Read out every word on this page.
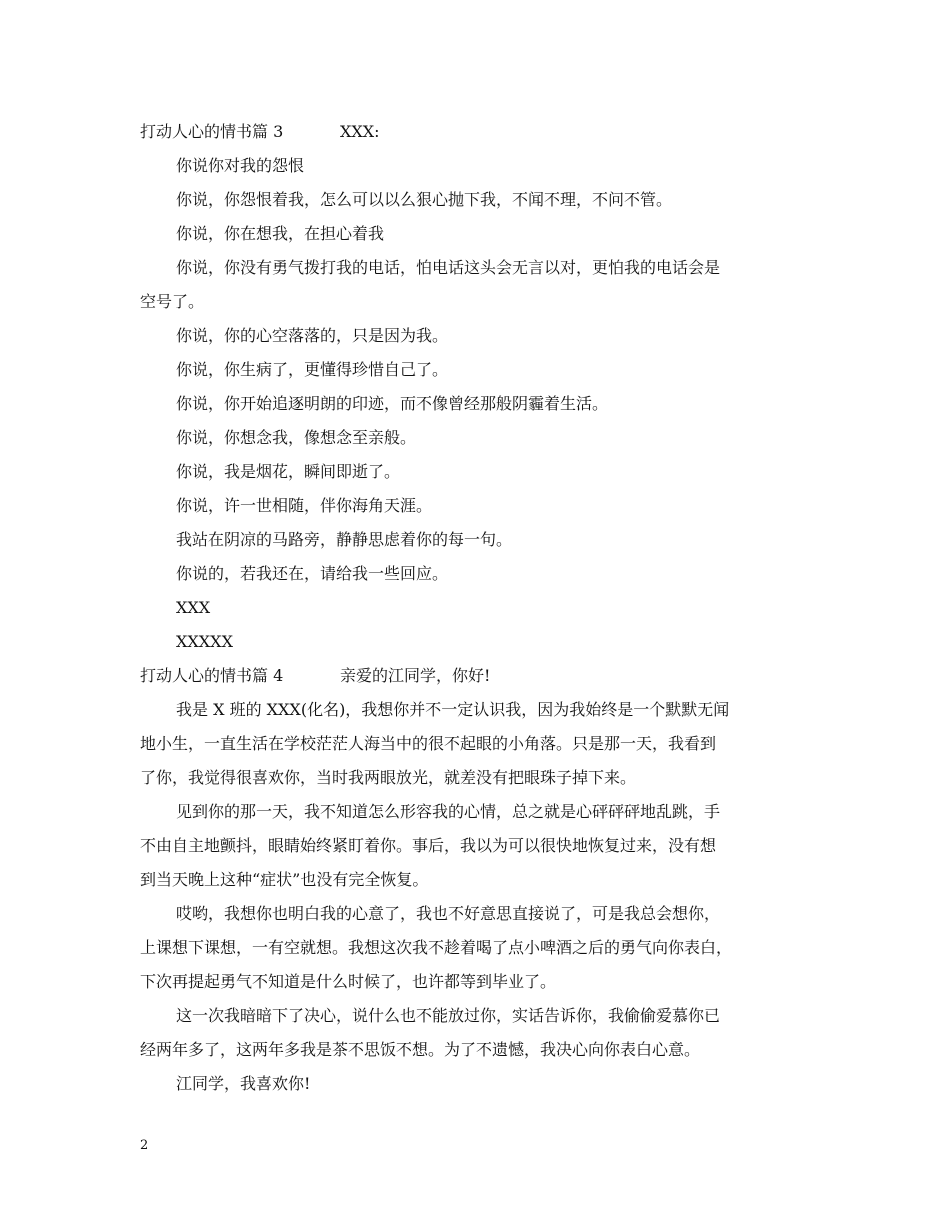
打动人心的情书篇 3	XXX:
你说你对我的怨恨
你说，你怨恨着我，怎么可以以么狠心抛下我，不闻不理，不问不管。
你说，你在想我，在担心着我
你说，你没有勇气拨打我的电话，怕电话这头会无言以对，更怕我的电话会是
空号了。
你说，你的心空落落的，只是因为我。
你说，你生病了，更懂得珍惜自己了。
你说，你开始追逐明朗的印迹，而不像曾经那般阴霾着生活。
你说，你想念我，像想念至亲般。
你说，我是烟花，瞬间即逝了。
你说，许一世相随，伴你海角天涯。
我站在阴凉的马路旁，静静思虑着你的每一句。
你说的，若我还在，请给我一些回应。
XXX
XXXXX
打动人心的情书篇 4	亲爱的江同学，你好!
我是 X 班的 XXX(化名)，我想你并不一定认识我，因为我始终是一个默默无闻
地小生，一直生活在学校茫茫人海当中的很不起眼的小角落。只是那一天，我看到
了你，我觉得很喜欢你，当时我两眼放光，就差没有把眼珠子掉下来。
见到你的那一天，我不知道怎么形容我的心情，总之就是心砰砰砰地乱跳，手
不由自主地颤抖，眼睛始终紧盯着你。事后，我以为可以很快地恢复过来，没有想
到当天晚上这种“症状”也没有完全恢复。
哎哟，我想你也明白我的心意了，我也不好意思直接说了，可是我总会想你，
上课想下课想，一有空就想。我想这次我不趁着喝了点小啤酒之后的勇气向你表白，
下次再提起勇气不知道是什么时候了，也许都等到毕业了。
这一次我暗暗下了决心，说什么也不能放过你，实话告诉你，我偷偷爱慕你已
经两年多了，这两年多我是茶不思饭不想。为了不遗憾，我决心向你表白心意。
江同学，我喜欢你!
2
